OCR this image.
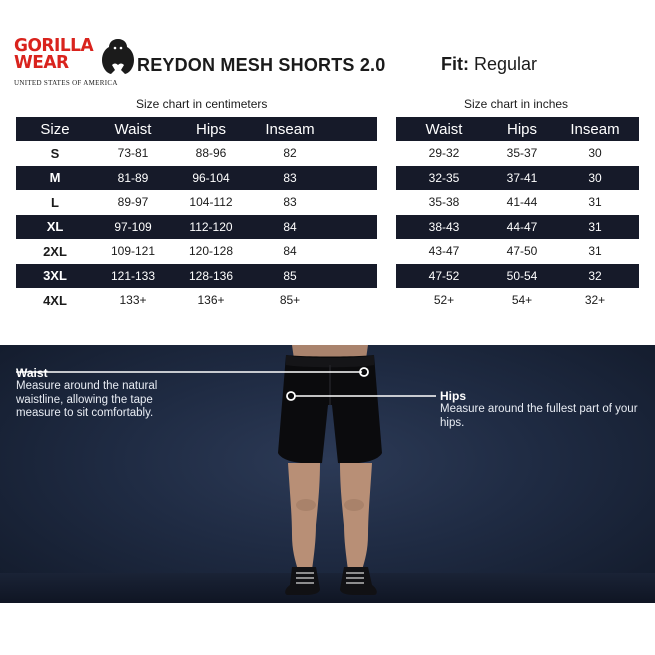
GORILLA
WEAR
UNITED STATES OF AMERICA
REYDON MESH SHORTS 2.0	Fit: Regular
Size chart in centimeters	Size chart in inches
Size	Waist	Hips	Inseam
S	73-81	88-96	82
M	81-89	96-104	83
L	89-97	104-112	83
XL	97-109	112-120	84
2XL	109-121	120-128	84
3XL	121-133	128-136	85
4XL	133+	136+	85+
Waist	Hips	Inseam
29-32	35-37	30
32-35	37-41	30
35-38	41-44	31
38-43	44-47	31
43-47	47-50	31
47-52	50-54	32
52+	54+	32+
Waist
Measure around the natural waistline, allowing the tape measure to sit comfortably.
Hips
Measure around the fullest part of your hips.
